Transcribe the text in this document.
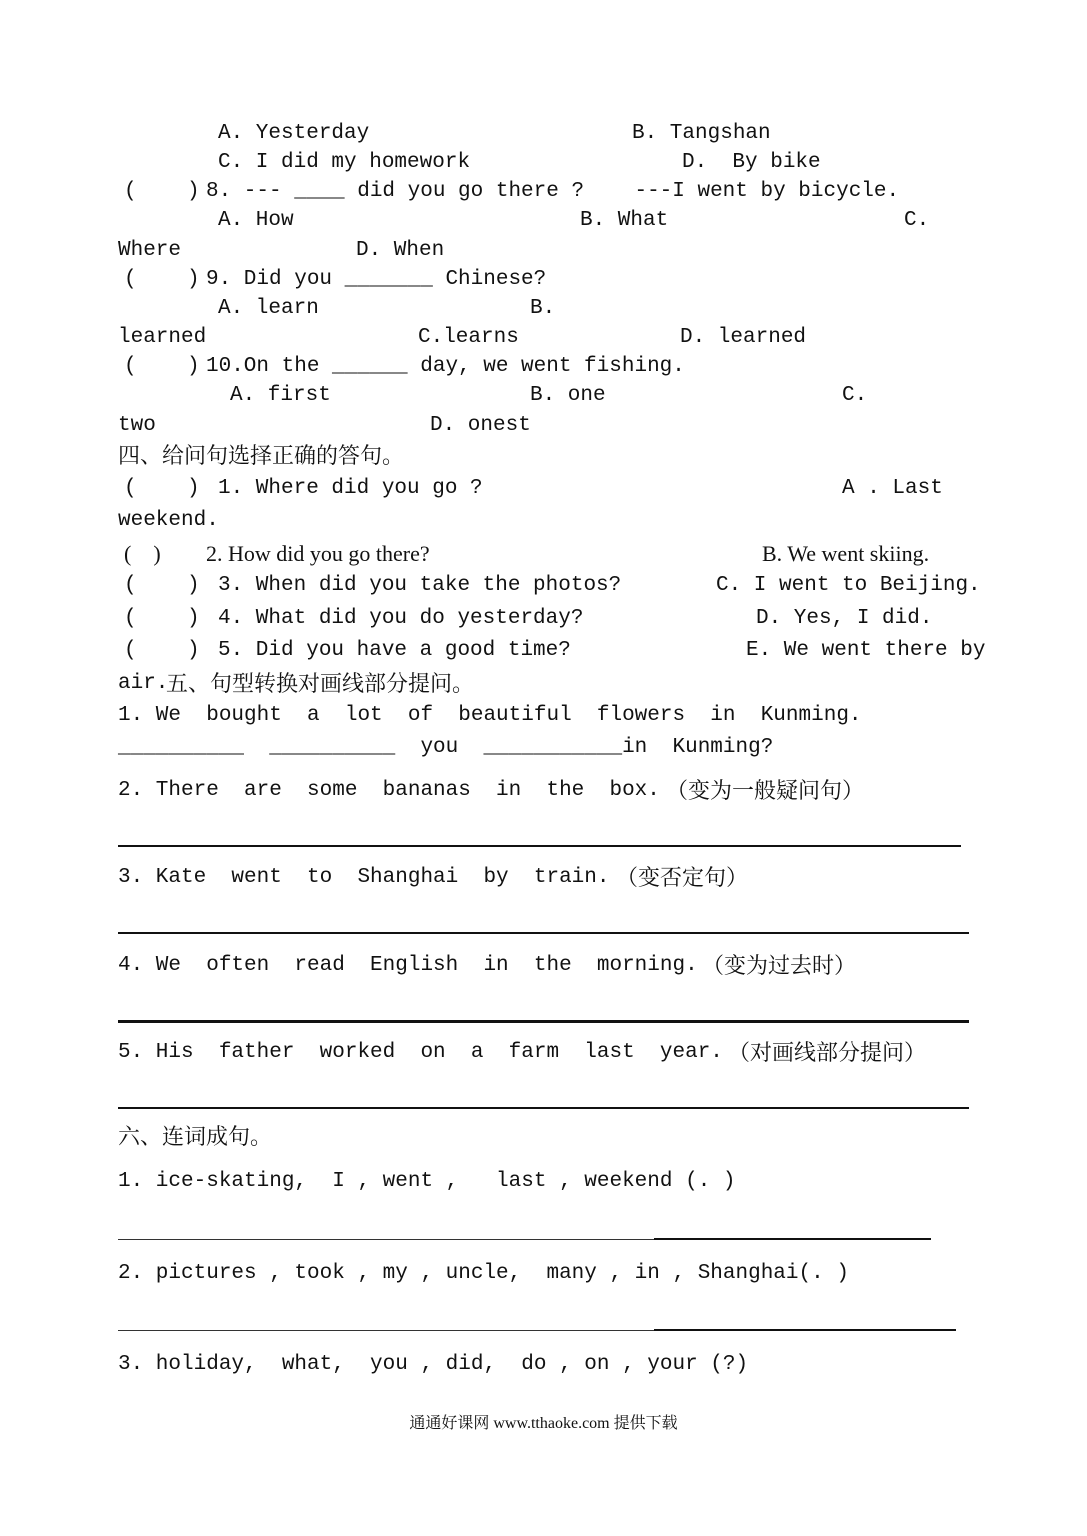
A. Yesterday	B. Tangshan
C. I did my homework	D.  By bike
(    ) 8. --- ____ did you go there ?    ---I went by bicycle.
A. How	B. What	C.
Where	D. When
(    ) 9. Did you _______ Chinese?
A. learn	B.
learned	C.learns	D. learned
(    ) 10.On the ______ day, we went fishing.
A. first	B. one	C.
two	D. onest
四、给问句选择正确的答句。
(    ) 1. Where did you go ?	A . Last
weekend.
(    ) 2. How did you go there?	B. We went skiing.
(    ) 3. When did you take the photos?	C. I went to Beijing.
(    ) 4. What did you do yesterday?	D. Yes, I did.
(    ) 5. Did you have a good time?	E. We went there by
air.
五、句型转换对画线部分提问。
1. We  bought  a  lot  of  beautiful  flowers  in  Kunming.
__________  __________  you  ___________in  Kunming?
2. There  are  some  bananas  in  the  box. （变为一般疑问句）
3. Kate  went  to  Shanghai  by  train. （变否定句）
4. We  often  read  English  in  the  morning. （变为过去时）
5. His  father  worked  on  a  farm  last  year. （对画线部分提问）
六、连词成句。
1. ice-skating,  I , went ,   last , weekend (. )
2. pictures , took , my , uncle,  many , in , Shanghai(. )
3. holiday,  what,  you , did,  do , on , your (?)
通通好课网 www.tthaoke.com 提供下载
